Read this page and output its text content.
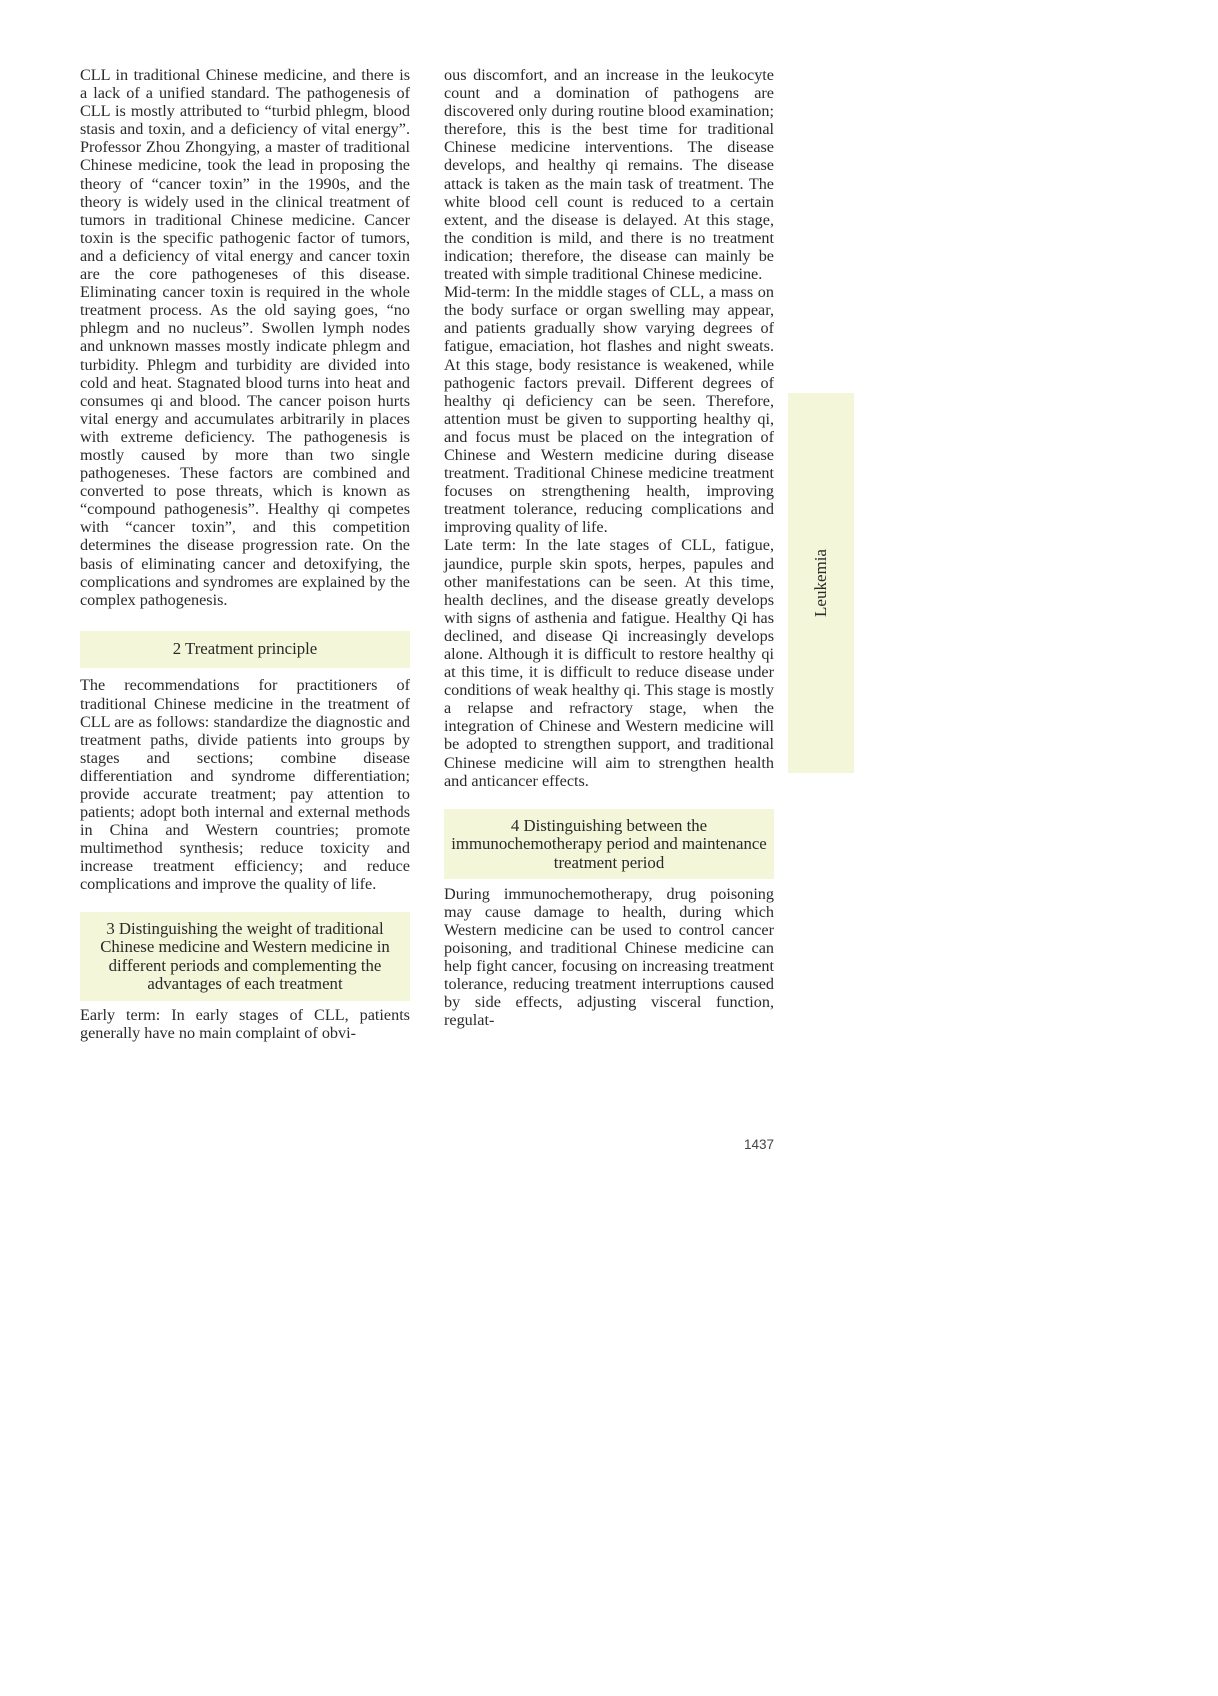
CLL in traditional Chinese medicine, and there is a lack of a unified standard. The pathogenesis of CLL is mostly attributed to “turbid phlegm, blood stasis and toxin, and a deficiency of vital energy”. Professor Zhou Zhongying, a master of traditional Chinese medicine, took the lead in proposing the theory of “cancer toxin” in the 1990s, and the theory is widely used in the clinical treatment of tumors in traditional Chinese medicine. Cancer toxin is the specific pathogenic factor of tumors, and a deficiency of vital energy and cancer toxin are the core pathogeneses of this disease. Eliminating cancer toxin is required in the whole treatment process. As the old saying goes, “no phlegm and no nucleus”. Swollen lymph nodes and unknown masses mostly indicate phlegm and turbidity. Phlegm and turbidity are divided into cold and heat. Stagnated blood turns into heat and consumes qi and blood. The cancer poison hurts vital energy and accumulates arbitrarily in places with extreme deficiency. The pathogenesis is mostly caused by more than two single pathogeneses. These factors are combined and converted to pose threats, which is known as “compound pathogenesis”. Healthy qi competes with “cancer toxin”, and this competition determines the disease progression rate. On the basis of eliminating cancer and detoxifying, the complications and syndromes are explained by the complex pathogenesis.

2 Treatment principle

The recommendations for practitioners of traditional Chinese medicine in the treatment of CLL are as follows: standardize the diagnostic and treatment paths, divide patients into groups by stages and sections; combine disease differentiation and syndrome differentiation; provide accurate treatment; pay attention to patients; adopt both internal and external methods in China and Western countries; promote multimethod synthesis; reduce toxicity and increase treatment efficiency; and reduce complications and improve the quality of life.

3 Distinguishing the weight of traditional Chinese medicine and Western medicine in different periods and complementing the advantages of each treatment

Early term: In early stages of CLL, patients generally have no main complaint of obvi-

ous discomfort, and an increase in the leukocyte count and a domination of pathogens are discovered only during routine blood examination; therefore, this is the best time for traditional Chinese medicine interventions. The disease develops, and healthy qi remains. The disease attack is taken as the main task of treatment. The white blood cell count is reduced to a certain extent, and the disease is delayed. At this stage, the condition is mild, and there is no treatment indication; therefore, the disease can mainly be treated with simple traditional Chinese medicine.

Mid-term: In the middle stages of CLL, a mass on the body surface or organ swelling may appear, and patients gradually show varying degrees of fatigue, emaciation, hot flashes and night sweats. At this stage, body resistance is weakened, while pathogenic factors prevail. Different degrees of healthy qi deficiency can be seen. Therefore, attention must be given to supporting healthy qi, and focus must be placed on the integration of Chinese and Western medicine during disease treatment. Traditional Chinese medicine treatment focuses on strengthening health, improving treatment tolerance, reducing complications and improving quality of life.

Late term: In the late stages of CLL, fatigue, jaundice, purple skin spots, herpes, papules and other manifestations can be seen. At this time, health declines, and the disease greatly develops with signs of asthenia and fatigue. Healthy Qi has declined, and disease Qi increasingly develops alone. Although it is difficult to restore healthy qi at this time, it is difficult to reduce disease under conditions of weak healthy qi. This stage is mostly a relapse and refractory stage, when the integration of Chinese and Western medicine will be adopted to strengthen support, and traditional Chinese medicine will aim to strengthen health and anticancer effects.

4 Distinguishing between the immunochemotherapy period and maintenance treatment period

During immunochemotherapy, drug poisoning may cause damage to health, during which Western medicine can be used to control cancer poisoning, and traditional Chinese medicine can help fight cancer, focusing on increasing treatment tolerance, reducing treatment interruptions caused by side effects, adjusting visceral function, regulat-

Leukemia
1437
